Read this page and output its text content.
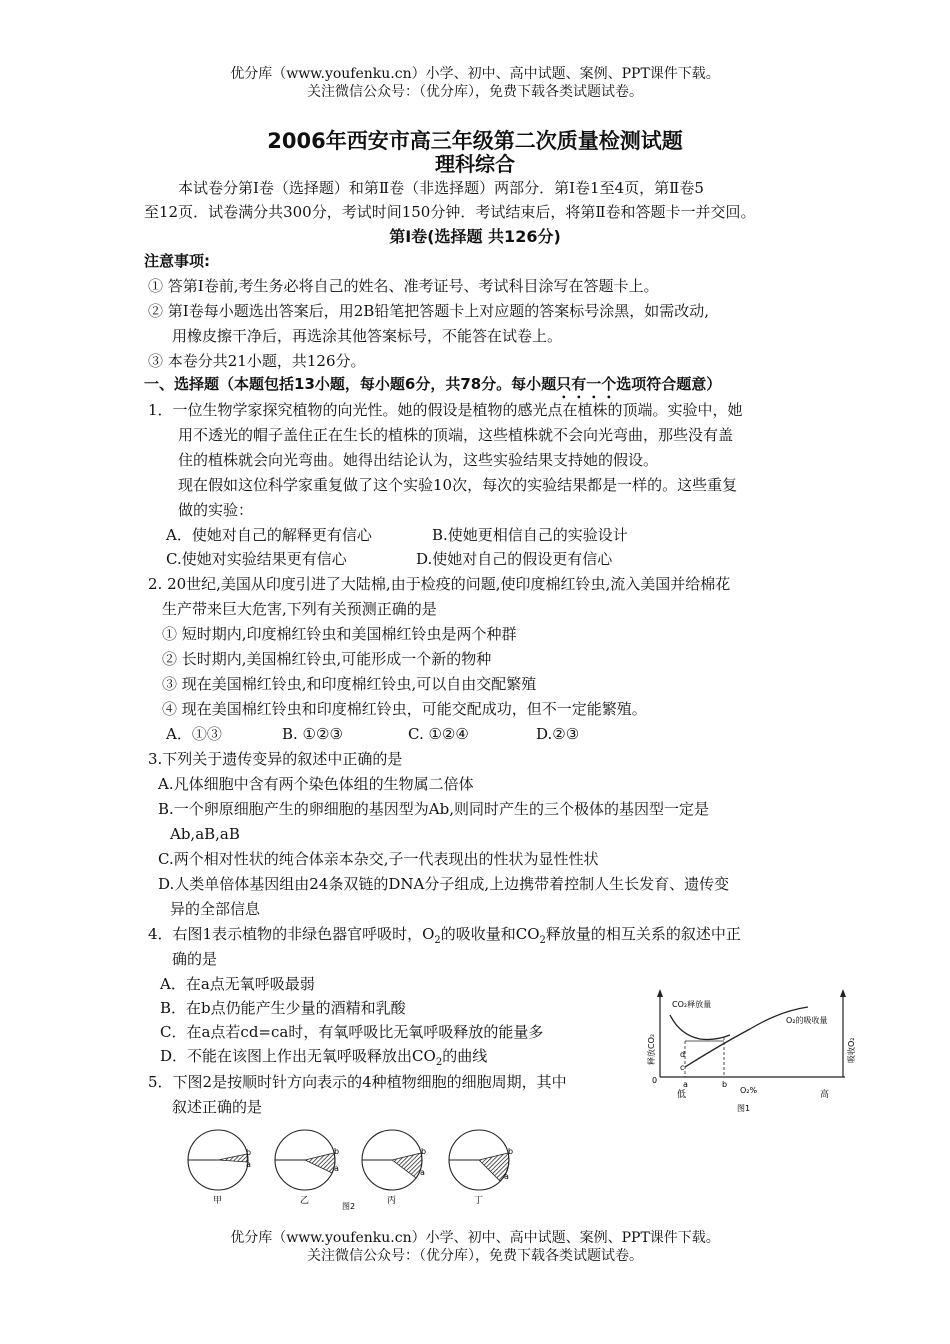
优分库（www.youfenku.cn）小学、初中、高中试题、案例、PPT课件下载。
关注微信公众号：（优分库），免费下载各类试题试卷。
2006年西安市高三年级第二次质量检测试题
理科综合
本试卷分第Ⅰ卷（选择题）和第Ⅱ卷（非选择题）两部分．第Ⅰ卷1至4页，第Ⅱ卷5
至12页．试卷满分共300分，考试时间150分钟．考试结束后，将第Ⅱ卷和答题卡一并交回。
第Ⅰ卷(选择题 共126分)
注意事项:
① 答第Ⅰ卷前,考生务必将自己的姓名、准考证号、考试科目涂写在答题卡上。
② 第Ⅰ卷每小题选出答案后，用2B铅笔把答题卡上对应题的答案标号涂黑，如需改动,
用橡皮擦干净后，再选涂其他答案标号，不能答在试卷上。
③ 本卷分共21小题，共126分。
一、选择题（本题包括13小题，每小题6分，共78分。每小题只有一个选项符合题意）
1．一位生物学家探究植物的向光性。她的假设是植物的感光点在植株的顶端。实验中，她
用不透光的帽子盖住正在生长的植株的顶端，这些植株就不会向光弯曲，那些没有盖
住的植株就会向光弯曲。她得出结论认为，这些实验结果支持她的假设。
现在假如这位科学家重复做了这个实验10次，每次的实验结果都是一样的。这些重复
做的实验：
A．使她对自己的解释更有信心	B.使她更相信自己的实验设计
C.使她对实验结果更有信心	D.使她对自己的假设更有信心
2. 20世纪,美国从印度引进了大陆棉,由于检疫的问题,使印度棉红铃虫,流入美国并给棉花
生产带来巨大危害,下列有关预测正确的是
① 短时期内,印度棉红铃虫和美国棉红铃虫是两个种群
② 长时期内,美国棉红铃虫,可能形成一个新的物种
③ 现在美国棉红铃虫,和印度棉红铃虫,可以自由交配繁殖
④ 现在美国棉红铃虫和印度棉红铃虫，可能交配成功，但不一定能繁殖。
A．①③	B. ①②③	C. ①②④	D.②③
3.下列关于遗传变异的叙述中正确的是
A.凡体细胞中含有两个染色体组的生物属二倍体
B.一个卵原细胞产生的卵细胞的基因型为Ab,则同时产生的三个极体的基因型一定是
Ab,aB,aB
C.两个相对性状的纯合体亲本杂交,子一代表现出的性状为显性性状
D.人类单倍体基因组由24条双链的DNA分子组成,上边携带着控制人生长发育、遗传变
异的全部信息
4．右图1表示植物的非绿色器官呼吸时，$O_2$的吸收量和$CO_2$释放量的相互关系的叙述中正
确的是
A．在a点无氧呼吸最弱
B．在b点仍能产生少量的酒精和乳酸
C．在a点若cd=ca时，有氧呼吸比无氧呼吸释放的能量多
D．不能在该图上作出无氧呼吸释放出$CO_2$的曲线
5．下图2是按顺时针方向表示的4种植物细胞的细胞周期，其中
叙述正确的是
CO₂释放量
O₂的吸收量
释放CO₂	吸收O₂
0
d
c
a	b
低	O₂%	高
图1
b
a
甲
b
a
乙
b
a
丙
b
a
丁
图2
优分库（www.youfenku.cn）小学、初中、高中试题、案例、PPT课件下载。
关注微信公众号：（优分库），免费下载各类试题试卷。
